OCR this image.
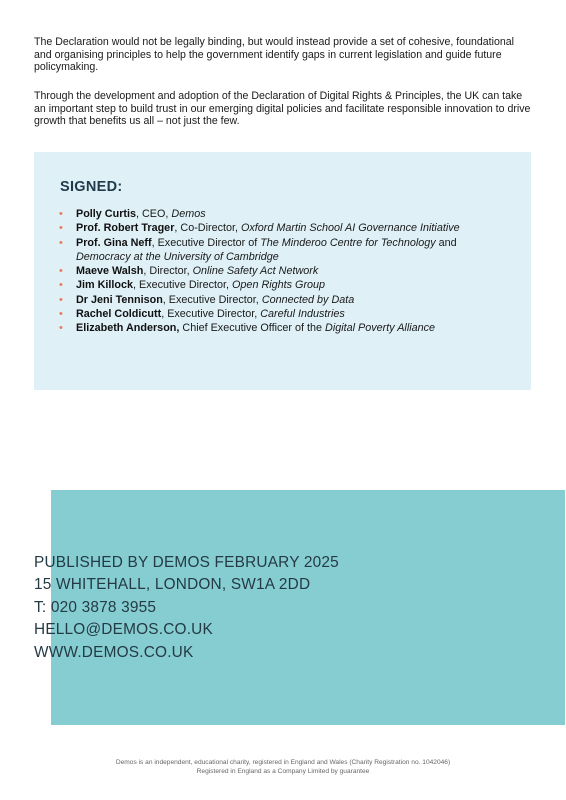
The Declaration would not be legally binding, but would instead provide a set of cohesive, foundational and organising principles to help the government identify gaps in current legislation and guide future policymaking.

Through the development and adoption of the Declaration of Digital Rights & Principles, the UK can take an important step to build trust in our emerging digital policies and facilitate responsible innovation to drive growth that benefits us all – not just the few.

SIGNED:
• Polly Curtis, CEO, Demos
• Prof. Robert Trager, Co-Director, Oxford Martin School AI Governance Initiative
• Prof. Gina Neff, Executive Director of The Minderoo Centre for Technology and Democracy at the University of Cambridge
• Maeve Walsh, Director, Online Safety Act Network
• Jim Killock, Executive Director, Open Rights Group
• Dr Jeni Tennison, Executive Director, Connected by Data
• Rachel Coldicutt, Executive Director, Careful Industries
• Elizabeth Anderson, Chief Executive Officer of the Digital Poverty Alliance
PUBLISHED BY DEMOS FEBRUARY 2025
15 WHITEHALL, LONDON, SW1A 2DD
T: 020 3878 3955
HELLO@DEMOS.CO.UK
WWW.DEMOS.CO.UK
Demos is an independent, educational charity, registered in England and Wales (Charity Registration no. 1042046)
Registered in England as a Company Limited by guarantee
